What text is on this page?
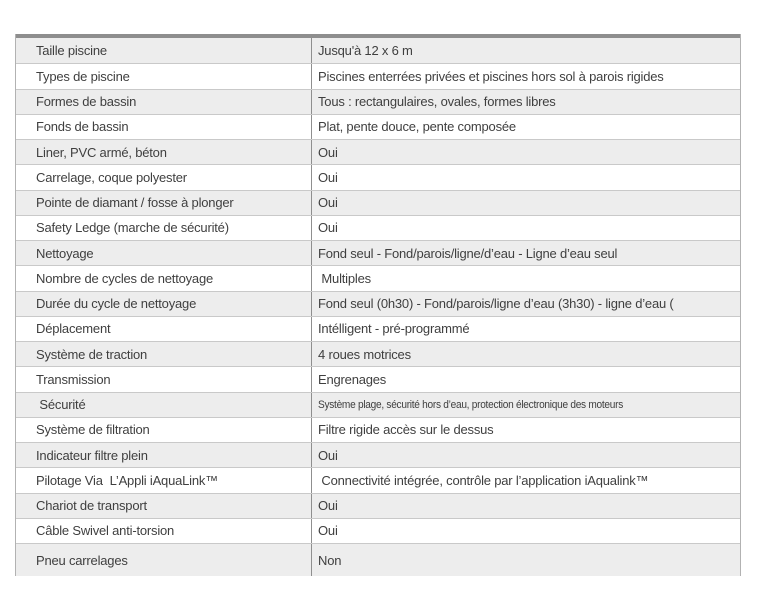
Taille piscine	Jusqu'à 12 x 6 m
Types de piscine	Piscines enterrées privées et piscines hors sol à parois rigides
Formes de bassin	Tous : rectangulaires, ovales, formes libres
Fonds de bassin	Plat, pente douce, pente composée
Liner, PVC armé, béton	Oui
Carrelage, coque polyester	Oui
Pointe de diamant / fosse à plonger	Oui
Safety Ledge (marche de sécurité)	Oui
Nettoyage	Fond seul - Fond/parois/ligne/d’eau - Ligne d’eau seul
Nombre de cycles de nettoyage	Multiples
Durée du cycle de nettoyage	Fond seul (0h30) - Fond/parois/ligne d’eau (3h30) - ligne d’eau (
Déplacement	Intélligent - pré-programmé
Système de traction	4 roues motrices
Transmission	Engrenages
Sécurité	Système plage, sécurité hors d’eau, protection électronique des moteurs
Système de filtration	Filtre rigide accès sur le dessus
Indicateur filtre plein	Oui
Pilotage Via  L’Appli iAquaLink™	Connectivité intégrée, contrôle par l’application iAqualink™
Chariot de transport	Oui
Câble Swivel anti-torsion	Oui
Pneu carrelages	Non
